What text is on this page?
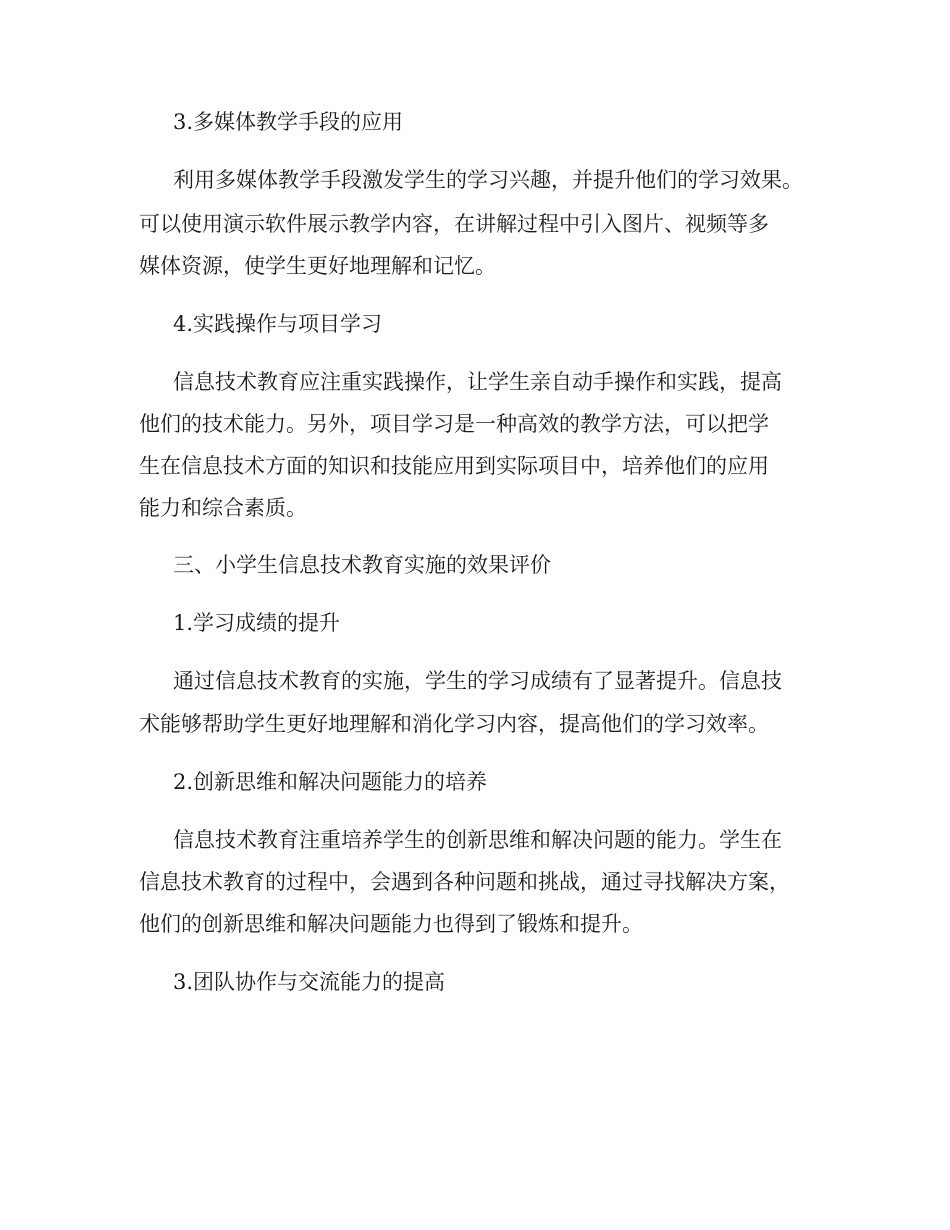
3.多媒体教学手段的应用

利用多媒体教学手段激发学生的学习兴趣，并提升他们的学习效果。

可以使用演示软件展示教学内容，在讲解过程中引入图片、视频等多

媒体资源，使学生更好地理解和记忆。

4.实践操作与项目学习

信息技术教育应注重实践操作，让学生亲自动手操作和实践，提高

他们的技术能力。另外，项目学习是一种高效的教学方法，可以把学

生在信息技术方面的知识和技能应用到实际项目中，培养他们的应用

能力和综合素质。

三、小学生信息技术教育实施的效果评价

1.学习成绩的提升

通过信息技术教育的实施，学生的学习成绩有了显著提升。信息技

术能够帮助学生更好地理解和消化学习内容，提高他们的学习效率。

2.创新思维和解决问题能力的培养

信息技术教育注重培养学生的创新思维和解决问题的能力。学生在

信息技术教育的过程中，会遇到各种问题和挑战，通过寻找解决方案，

他们的创新思维和解决问题能力也得到了锻炼和提升。

3.团队协作与交流能力的提高
